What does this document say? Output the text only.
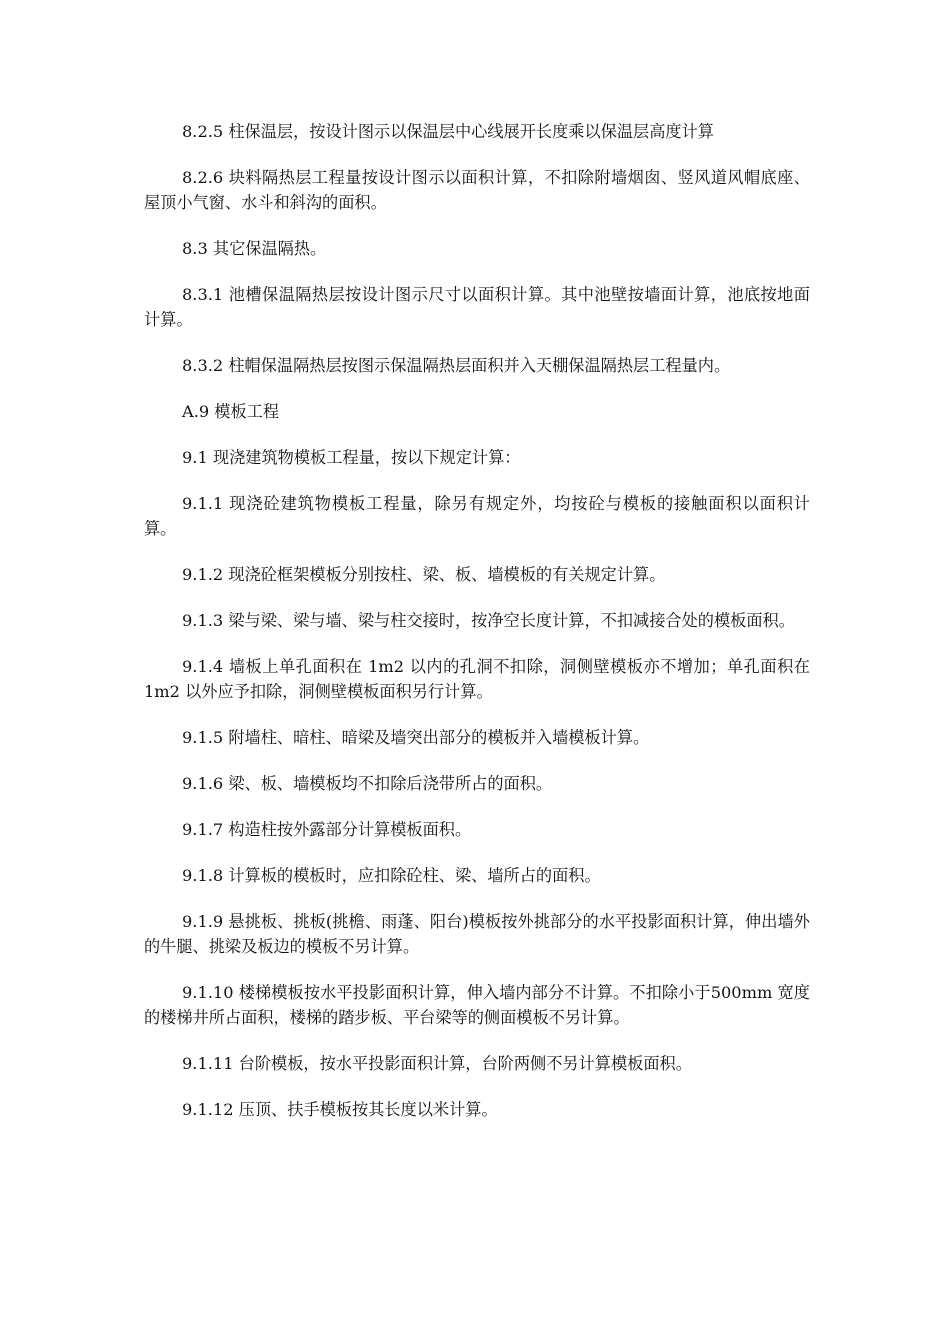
8.2.5 柱保温层，按设计图示以保温层中心线展开长度乘以保温层高度计算

8.2.6 块料隔热层工程量按设计图示以面积计算，不扣除附墙烟囱、竖风道风帽底座、屋顶小气窗、水斗和斜沟的面积。

8.3 其它保温隔热。

8.3.1 池槽保温隔热层按设计图示尺寸以面积计算。其中池壁按墙面计算，池底按地面计算。

8.3.2 柱帽保温隔热层按图示保温隔热层面积并入天棚保温隔热层工程量内。

A.9 模板工程

9.1 现浇建筑物模板工程量，按以下规定计算：

9.1.1 现浇砼建筑物模板工程量，除另有规定外，均按砼与模板的接触面积以面积计算。

9.1.2 现浇砼框架模板分别按柱、梁、板、墙模板的有关规定计算。

9.1.3 梁与梁、梁与墙、梁与柱交接时，按净空长度计算，不扣减接合处的模板面积。

9.1.4 墙板上单孔面积在 1m2 以内的孔洞不扣除，洞侧壁模板亦不增加；单孔面积在 1m2 以外应予扣除，洞侧壁模板面积另行计算。

9.1.5 附墙柱、暗柱、暗梁及墙突出部分的模板并入墙模板计算。

9.1.6 梁、板、墙模板均不扣除后浇带所占的面积。

9.1.7 构造柱按外露部分计算模板面积。

9.1.8 计算板的模板时，应扣除砼柱、梁、墙所占的面积。

9.1.9 悬挑板、挑板(挑檐、雨蓬、阳台)模板按外挑部分的水平投影面积计算，伸出墙外的牛腿、挑梁及板边的模板不另计算。

9.1.10 楼梯模板按水平投影面积计算，伸入墙内部分不计算。不扣除小于500mm 宽度的楼梯井所占面积，楼梯的踏步板、平台梁等的侧面模板不另计算。

9.1.11 台阶模板，按水平投影面积计算，台阶两侧不另计算模板面积。

9.1.12 压顶、扶手模板按其长度以米计算。
